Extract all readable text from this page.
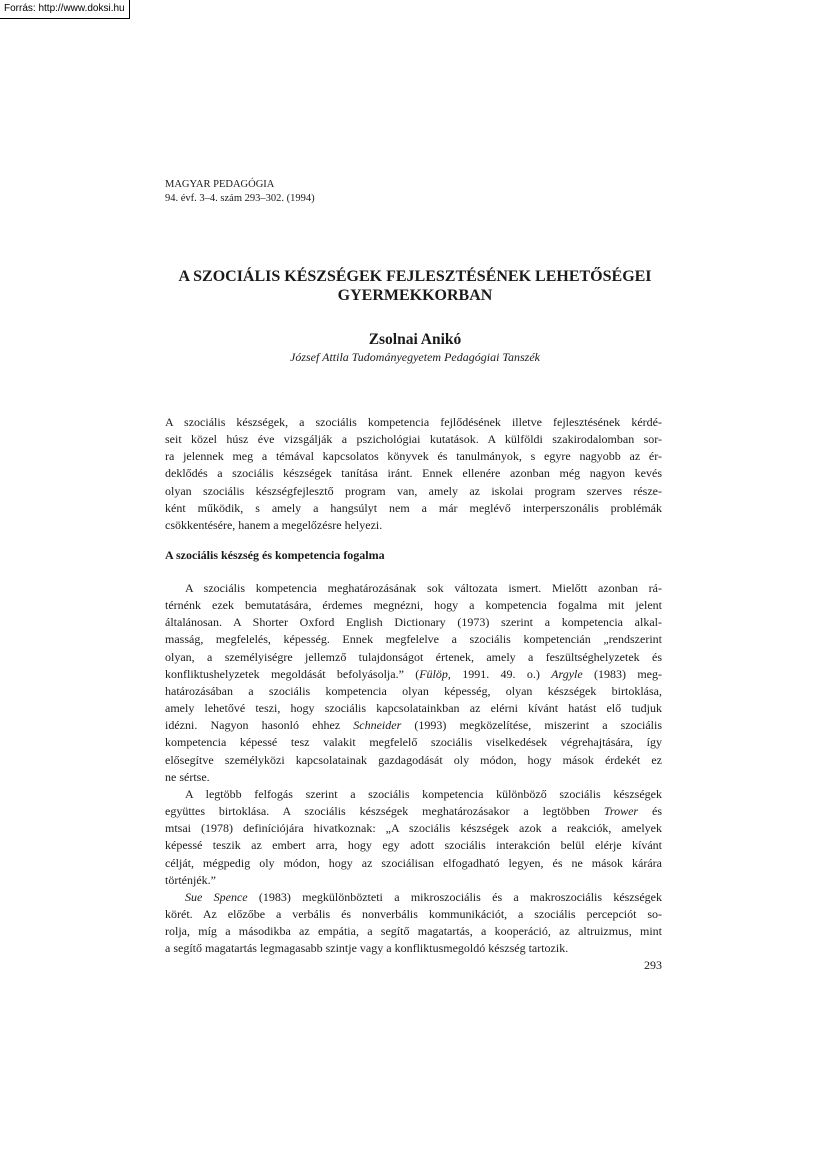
Forrás: http://www.doksi.hu
MAGYAR PEDAGÓGIA
94. évf. 3–4. szám 293–302. (1994)
A SZOCIÁLIS KÉSZSÉGEK FEJLESZTÉSÉNEK LEHETŐSÉGEI
GYERMEKKORBAN
Zsolnai Anikó
József Attila Tudományegyetem Pedagógiai Tanszék
A szociális készségek, a szociális kompetencia fejlődésének illetve fejlesztésének kérdé-
seit közel húsz éve vizsgálják a pszichológiai kutatások. A külföldi szakirodalomban sor-
ra jelennek meg a témával kapcsolatos könyvek és tanulmányok, s egyre nagyobb az ér-
deklődés a szociális készségek tanítása iránt. Ennek ellenére azonban még nagyon kevés
olyan szociális készségfejlesztő program van, amely az iskolai program szerves része-
ként működik, s amely a hangsúlyt nem a már meglévő interperszonális problémák
csökkentésére, hanem a megelőzésre helyezi.
A szociális készség és kompetencia fogalma
A szociális kompetencia meghatározásának sok változata ismert. Mielőtt azonban rá-
térnénk ezek bemutatására, érdemes megnézni, hogy a kompetencia fogalma mit jelent
általánosan. A Shorter Oxford English Dictionary (1973) szerint a kompetencia alkal-
masság, megfelelés, képesség. Ennek megfelelve a szociális kompetencián „rendszerint
olyan, a személyiségre jellemző tulajdonságot értenek, amely a feszültséghelyzetek és
konfliktushelyzetek megoldását befolyásolja.” (Fülöp, 1991. 49. o.) Argyle (1983) meg-
határozásában a szociális kompetencia olyan képesség, olyan készségek birtoklása,
amely lehetővé teszi, hogy szociális kapcsolatainkban az elérni kívánt hatást elő tudjuk
idézni. Nagyon hasonló ehhez Schneider (1993) megközelítése, miszerint a szociális
kompetencia képessé tesz valakit megfelelő szociális viselkedések végrehajtására, így
elősegítve személyközi kapcsolatainak gazdagodását oly módon, hogy mások érdekét ez
ne sértse.
A legtöbb felfogás szerint a szociális kompetencia különböző szociális készségek
együttes birtoklása. A szociális készségek meghatározásakor a legtöbben Trower és
mtsai (1978) definíciójára hivatkoznak: „A szociális készségek azok a reakciók, amelyek
képessé teszik az embert arra, hogy egy adott szociális interakción belül elérje kívánt
célját, mégpedig oly módon, hogy az szociálisan elfogadható legyen, és ne mások kárára
történjék.”
Sue Spence (1983) megkülönbözteti a mikroszociális és a makroszociális készségek
körét. Az előzőbe a verbális és nonverbális kommunikációt, a szociális percepciót so-
rolja, míg a másodikba az empátia, a segítő magatartás, a kooperáció, az altruizmus, mint
a segítő magatartás legmagasabb szintje vagy a konfliktusmegoldó készség tartozik.
293
